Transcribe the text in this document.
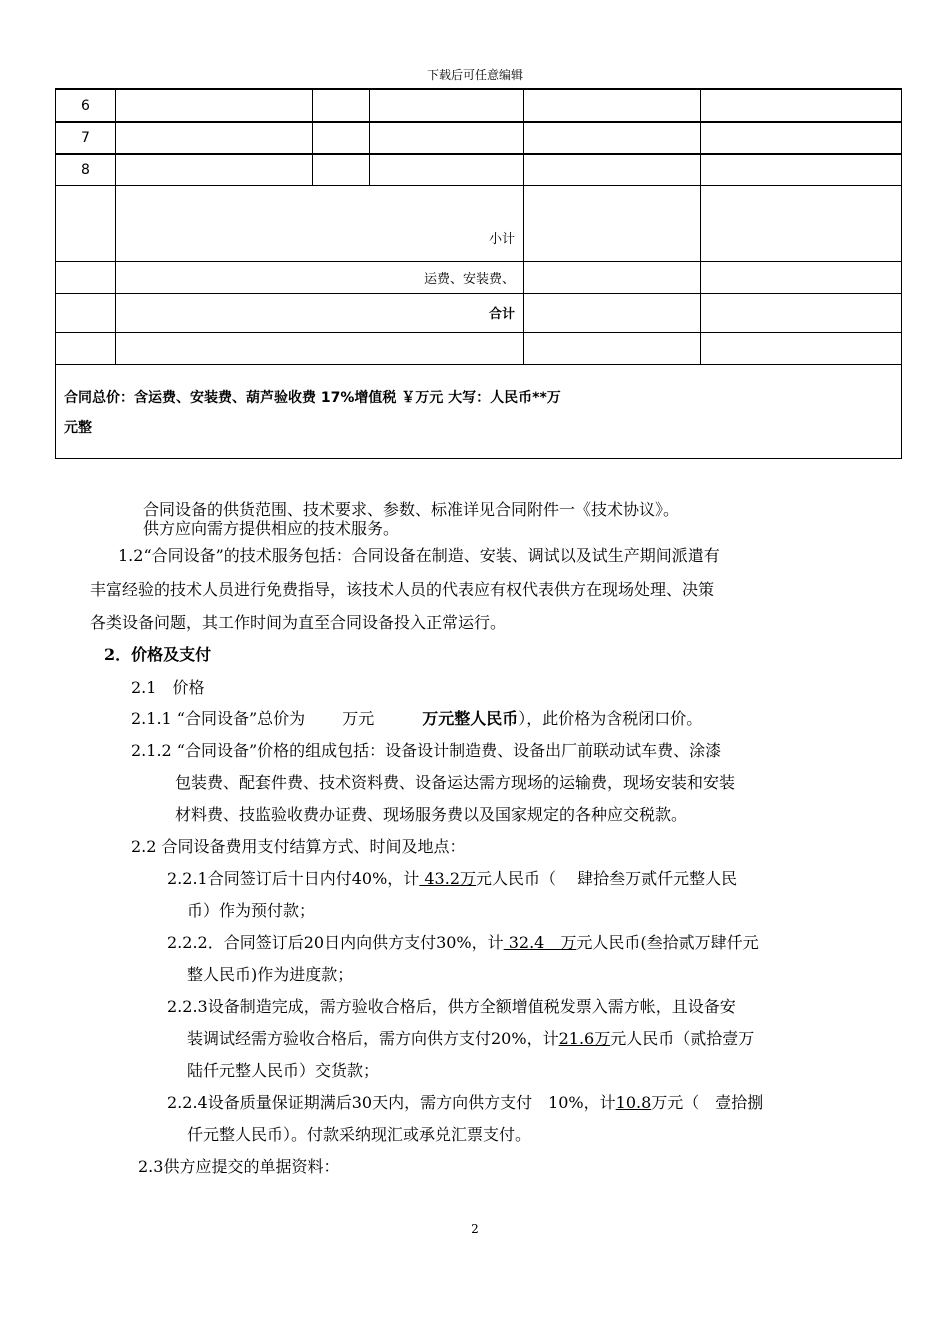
下载后可任意编辑
6					
7					
8					
	小计				
	运费、安装费、				
	合计				

合同总价：含运费、安装费、葫芦验收费 17%增值税 ￥万元 大写：人民币**万
元整					
合同设备的供货范围、技术要求、参数、标准详见合同附件一《技术协议》。
供方应向需方提供相应的技术服务。
1.2“合同设备”的技术服务包括：合同设备在制造、安装、调试以及试生产期间派遣有
丰富经验的技术人员进行免费指导，该技术人员的代表应有权代表供方在现场处理、决策
各类设备问题，其工作时间为直至合同设备投入正常运行。
2．价格及支付
2.1　价格
2.1.1 “合同设备”总价为　　 万元　　　万元整人民币），此价格为含税闭口价。
2.1.2 “合同设备”价格的组成包括：设备设计制造费、设备出厂前联动试车费、涂漆
包装费、配套件费、技术资料费、设备运达需方现场的运输费，现场安装和安装
材料费、技监验收费办证费、现场服务费以及国家规定的各种应交税款。
2.2 合同设备费用支付结算方式、时间及地点：
2.2.1合同签订后十日内付40%，计 43.2万元人民币（　 肆拾叁万贰仟元整人民
币）作为预付款；
2.2.2．合同签订后20日内向供方支付30%，计 32.4　万元人民币(叁拾贰万肆仟元
整人民币)作为进度款；
2.2.3设备制造完成，需方验收合格后，供方全额增值税发票入需方帐，且设备安
装调试经需方验收合格后，需方向供方支付20%，计21.6万元人民币（贰拾壹万
陆仟元整人民币）交货款；
2.2.4设备质量保证期满后30天内，需方向供方支付　10%，计10.8万元（　壹拾捌
仟元整人民币）。付款采纳现汇或承兑汇票支付。
2.3供方应提交的单据资料：
2
